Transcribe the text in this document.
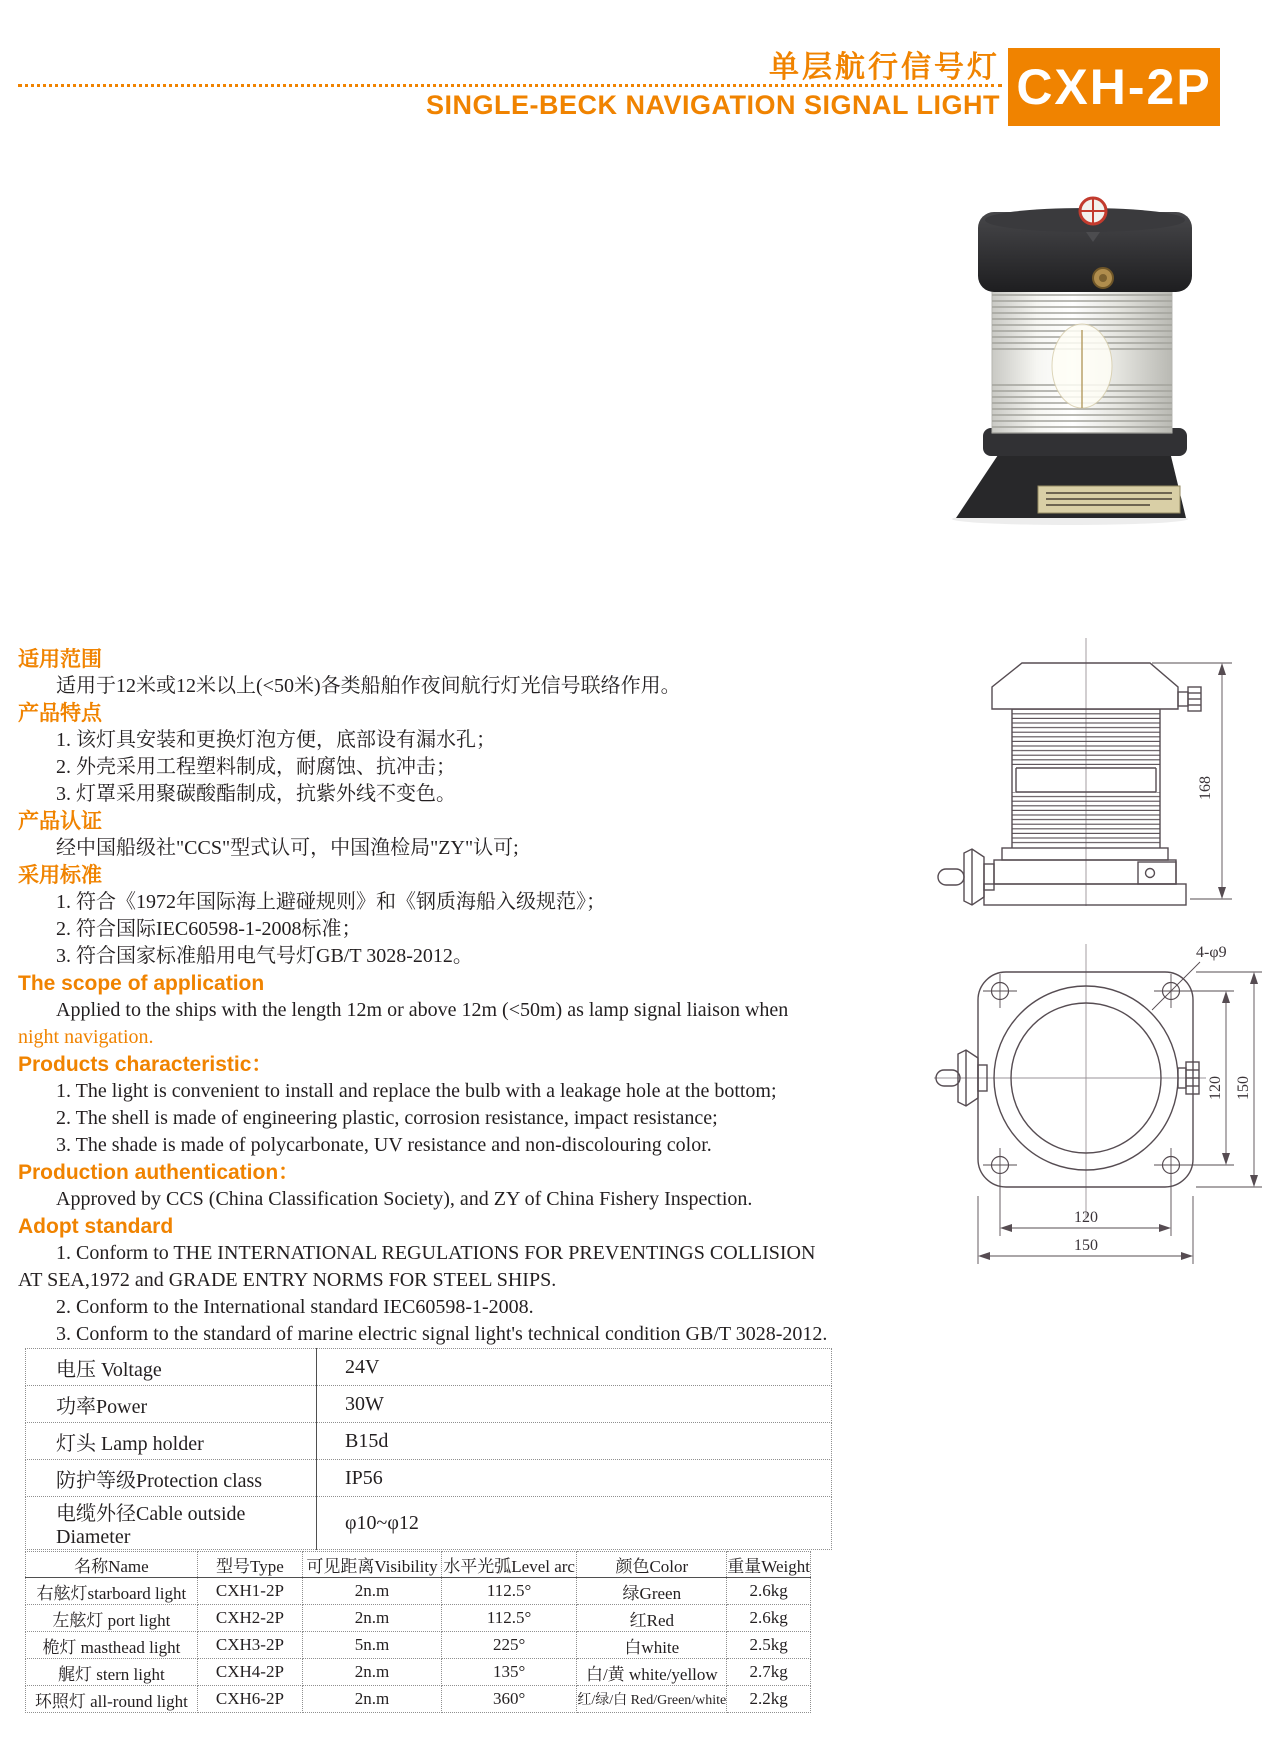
单层航行信号灯
SINGLE-BECK NAVIGATION SIGNAL LIGHT CXH-2P
适用范围
适用于12米或12米以上(<50米)各类船舶作夜间航行灯光信号联络作用。
产品特点
1. 该灯具安装和更换灯泡方便，底部设有漏水孔；
2. 外壳采用工程塑料制成，耐腐蚀、抗冲击；
3. 灯罩采用聚碳酸酯制成，抗紫外线不变色。
产品认证
经中国船级社"CCS"型式认可，中国渔检局"ZY"认可;
采用标准
1. 符合《1972年国际海上避碰规则》和《钢质海船入级规范》；
2. 符合国际IEC60598-1-2008标准；
3. 符合国家标准船用电气号灯GB/T 3028-2012。
The scope of application
Applied to the ships with the length 12m or above 12m (<50m) as lamp signal liaison when
night navigation.
Products characteristic：
1. The light is convenient to install and replace the bulb with a leakage hole at the bottom;
2. The shell is made of engineering plastic, corrosion resistance, impact resistance;
3. The shade is made of polycarbonate, UV resistance and non-discolouring color.
Production authentication：
Approved by CCS (China Classification Society), and ZY of China Fishery Inspection.
Adopt standard
1. Conform to THE INTERNATIONAL REGULATIONS FOR PREVENTINGS COLLISION
AT SEA,1972 and GRADE ENTRY NORMS FOR STEEL SHIPS.
2. Conform to the International standard IEC60598-1-2008.
3. Conform to the standard of marine electric signal light's technical condition GB/T 3028-2012.
电压 Voltage	24V
功率Power	30W
灯头 Lamp holder	B15d
防护等级Protection class	IP56
电缆外径Cable outside Diameter	φ10~φ12
名称Name	型号Type	可见距离Visibility	水平光弧Level arc	颜色Color	重量Weight
右舷灯starboard light	CXH1-2P	2n.m	112.5°	绿Green	2.6kg
左舷灯 port light	CXH2-2P	2n.m	112.5°	红Red	2.6kg
桅灯 masthead light	CXH3-2P	5n.m	225°	白white	2.5kg
艉灯 stern light	CXH4-2P	2n.m	135°	白/黄 white/yellow	2.7kg
环照灯 all-round light	CXH6-2P	2n.m	360°	红/绿/白 Red/Green/white	2.2kg
168
4-φ9
120 150
120
150
